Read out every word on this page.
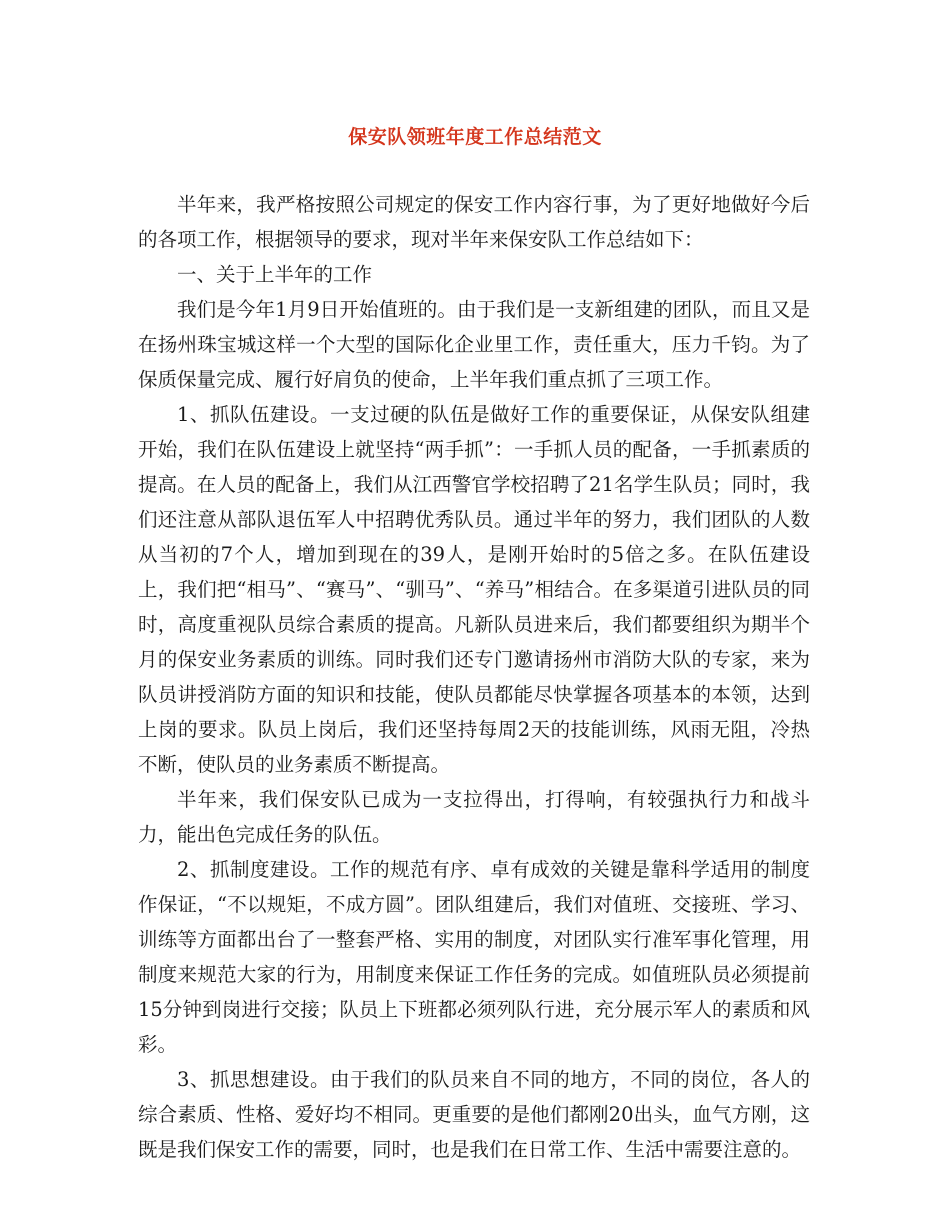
保安队领班年度工作总结范文

半年来，我严格按照公司规定的保安工作内容行事，为了更好地做好今后的各项工作，根据领导的要求，现对半年来保安队工作总结如下：

一、关于上半年的工作

我们是今年1月9日开始值班的。由于我们是一支新组建的团队，而且又是在扬州珠宝城这样一个大型的国际化企业里工作，责任重大，压力千钧。为了保质保量完成、履行好肩负的使命，上半年我们重点抓了三项工作。

1、抓队伍建设。一支过硬的队伍是做好工作的重要保证，从保安队组建开始，我们在队伍建设上就坚持“两手抓”：一手抓人员的配备，一手抓素质的提高。在人员的配备上，我们从江西警官学校招聘了21名学生队员；同时，我们还注意从部队退伍军人中招聘优秀队员。通过半年的努力，我们团队的人数从当初的7个人，增加到现在的39人，是刚开始时的5倍之多。在队伍建设上，我们把“相马”、“赛马”、“驯马”、“养马”相结合。在多渠道引进队员的同时，高度重视队员综合素质的提高。凡新队员进来后，我们都要组织为期半个月的保安业务素质的训练。同时我们还专门邀请扬州市消防大队的专家，来为队员讲授消防方面的知识和技能，使队员都能尽快掌握各项基本的本领，达到上岗的要求。队员上岗后，我们还坚持每周2天的技能训练，风雨无阻，冷热不断，使队员的业务素质不断提高。

半年来，我们保安队已成为一支拉得出，打得响，有较强执行力和战斗力，能出色完成任务的队伍。

2、抓制度建设。工作的规范有序、卓有成效的关键是靠科学适用的制度作保证，“不以规矩，不成方圆”。团队组建后，我们对值班、交接班、学习、训练等方面都出台了一整套严格、实用的制度，对团队实行准军事化管理，用制度来规范大家的行为，用制度来保证工作任务的完成。如值班队员必须提前15分钟到岗进行交接；队员上下班都必须列队行进，充分展示军人的素质和风彩。

3、抓思想建设。由于我们的队员来自不同的地方，不同的岗位，各人的综合素质、性格、爱好均不相同。更重要的是他们都刚20出头，血气方刚，这既是我们保安工作的需要，同时，也是我们在日常工作、生活中需要注意的。
